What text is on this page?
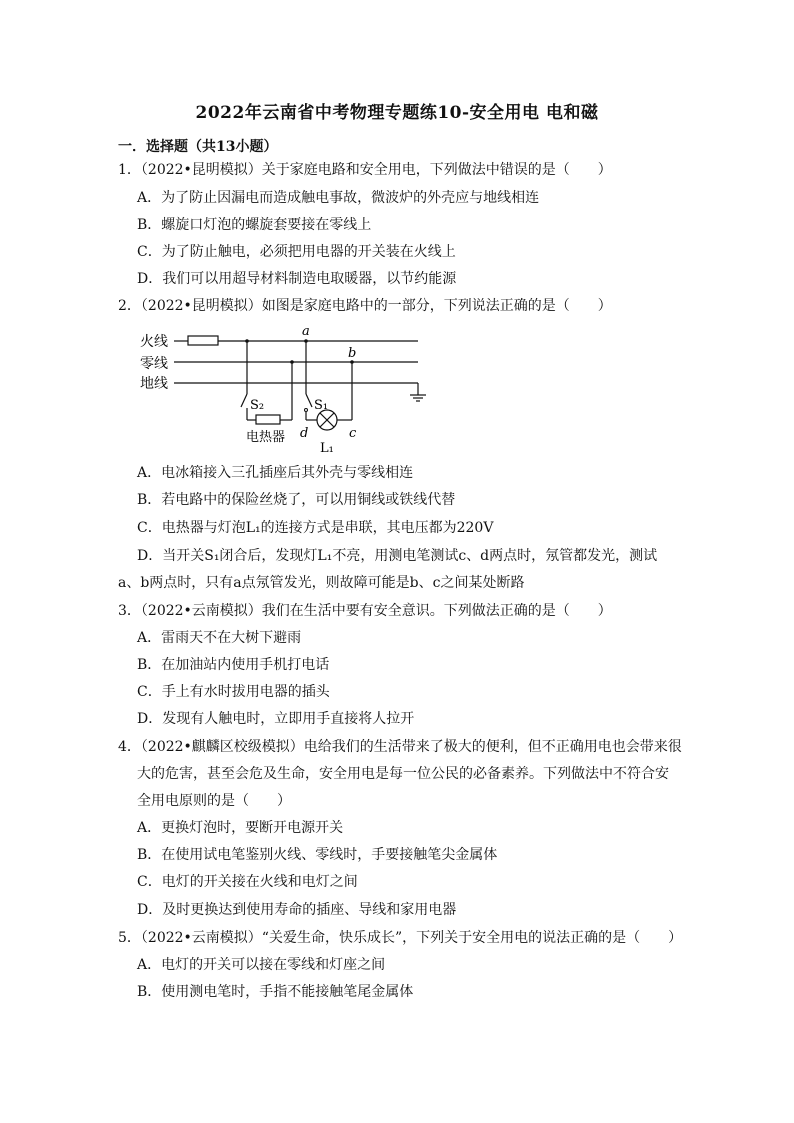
2022年云南省中考物理专题练10-安全用电 电和磁
一．选择题（共13小题）
1．（2022•昆明模拟）关于家庭电路和安全用电，下列做法中错误的是（　　）
A．为了防止因漏电而造成触电事故，微波炉的外壳应与地线相连
B．螺旋口灯泡的螺旋套要接在零线上
C．为了防止触电，必须把用电器的开关装在火线上
D．我们可以用超导材料制造电取暖器，以节约能源
2．（2022•昆明模拟）如图是家庭电路中的一部分，下列说法正确的是（　　）
火线
零线
地线
S₂
电热器
a
S₁
b
d	c
L₁
A．电冰箱接入三孔插座后其外壳与零线相连
B．若电路中的保险丝烧了，可以用铜线或铁线代替
C．电热器与灯泡L₁的连接方式是串联，其电压都为220V
D．当开关S₁闭合后，发现灯L₁不亮，用测电笔测试c、d两点时，氖管都发光，测试
a、b两点时，只有a点氖管发光，则故障可能是b、c之间某处断路
3．（2022•云南模拟）我们在生活中要有安全意识。下列做法正确的是（　　）
A．雷雨天不在大树下避雨
B．在加油站内使用手机打电话
C．手上有水时拔用电器的插头
D．发现有人触电时，立即用手直接将人拉开
4．（2022•麒麟区校级模拟）电给我们的生活带来了极大的便利，但不正确用电也会带来很
大的危害，甚至会危及生命，安全用电是每一位公民的必备素养。下列做法中不符合安
全用电原则的是（　　）
A．更换灯泡时，要断开电源开关
B．在使用试电笔鉴别火线、零线时，手要接触笔尖金属体
C．电灯的开关接在火线和电灯之间
D．及时更换达到使用寿命的插座、导线和家用电器
5．（2022•云南模拟）“关爱生命，快乐成长”，下列关于安全用电的说法正确的是（　　）
A．电灯的开关可以接在零线和灯座之间
B．使用测电笔时，手指不能接触笔尾金属体
